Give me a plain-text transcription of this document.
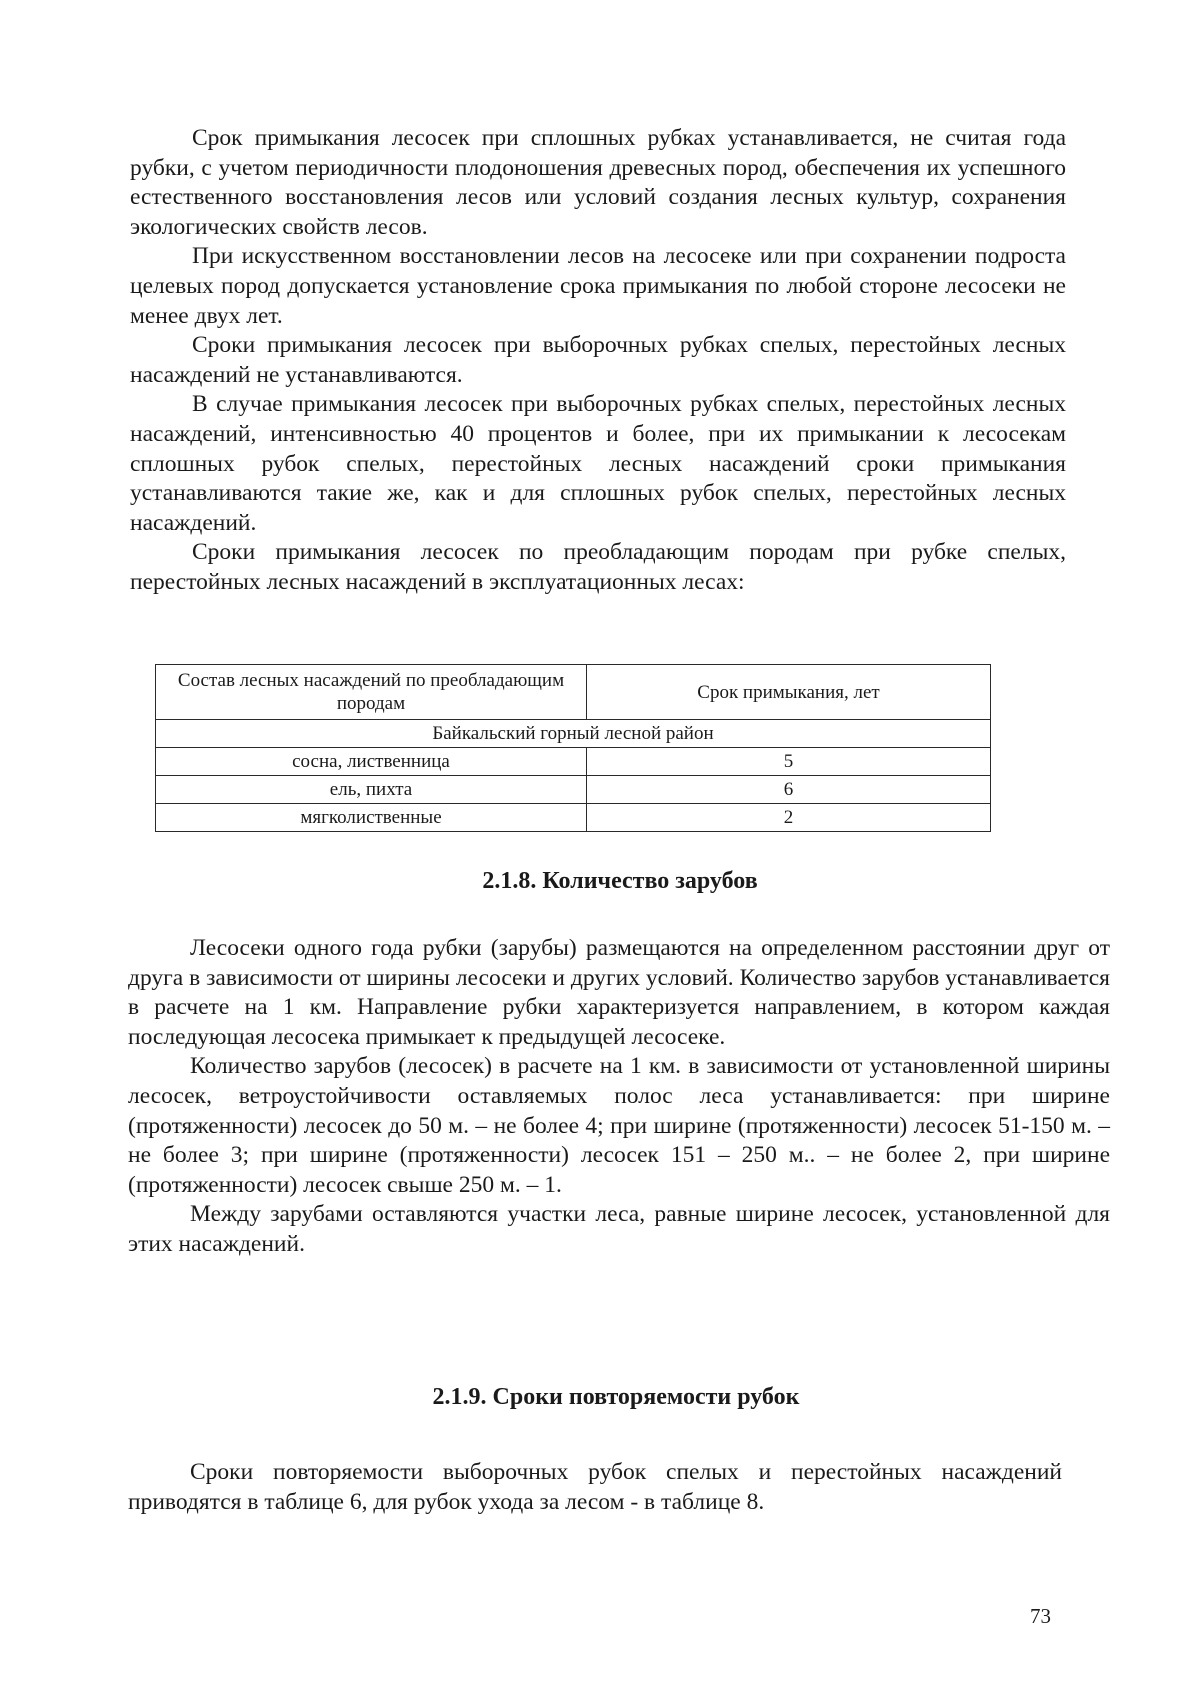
Срок примыкания лесосек при сплошных рубках устанавливается, не считая года рубки, с учетом периодичности плодоношения древесных пород, обеспечения их успешного естественного восстановления лесов или условий создания лесных культур, сохранения экологических свойств лесов.

При искусственном восстановлении лесов на лесосеке или при сохранении подроста целевых пород допускается установление срока примыкания по любой стороне лесосеки не менее двух лет.

Сроки примыкания лесосек при выборочных рубках спелых, перестойных лесных насаждений не устанавливаются.

В случае примыкания лесосек при выборочных рубках спелых, перестойных лесных насаждений, интенсивностью 40 процентов и более, при их примыкании к лесосекам сплошных рубок спелых, перестойных лесных насаждений сроки примыкания устанавливаются такие же, как и для сплошных рубок спелых, перестойных лесных насаждений.

Сроки примыкания лесосек по преобладающим породам при рубке спелых, перестойных лесных насаждений в эксплуатационных лесах:

Состав лесных насаждений по преобладающим породам	Срок примыкания, лет
Байкальский горный лесной район	
сосна, лиственница	5
ель, пихта	6
мягколиственные	2
2.1.8. Количество зарубов

Лесосеки одного года рубки (зарубы) размещаются на определенном расстоянии друг от друга в зависимости от ширины лесосеки и других условий. Количество зарубов устанавливается в расчете на 1 км. Направление рубки характеризуется направлением, в котором каждая последующая лесосека примыкает к предыдущей лесосеке.

Количество зарубов (лесосек) в расчете на 1 км. в зависимости от установленной ширины лесосек, ветроустойчивости оставляемых полос леса устанавливается: при ширине (протяженности) лесосек до 50 м. – не более 4; при ширине (протяженности) лесосек 51-150 м. – не более 3; при ширине (протяженности) лесосек 151 – 250 м.. – не более 2, при ширине (протяженности) лесосек свыше 250 м. – 1.

Между зарубами оставляются участки леса, равные ширине лесосек, установленной для этих насаждений.

2.1.9. Сроки повторяемости рубок

Сроки повторяемости выборочных рубок спелых и перестойных насаждений приводятся в таблице 6, для рубок ухода за лесом - в таблице 8.

73
